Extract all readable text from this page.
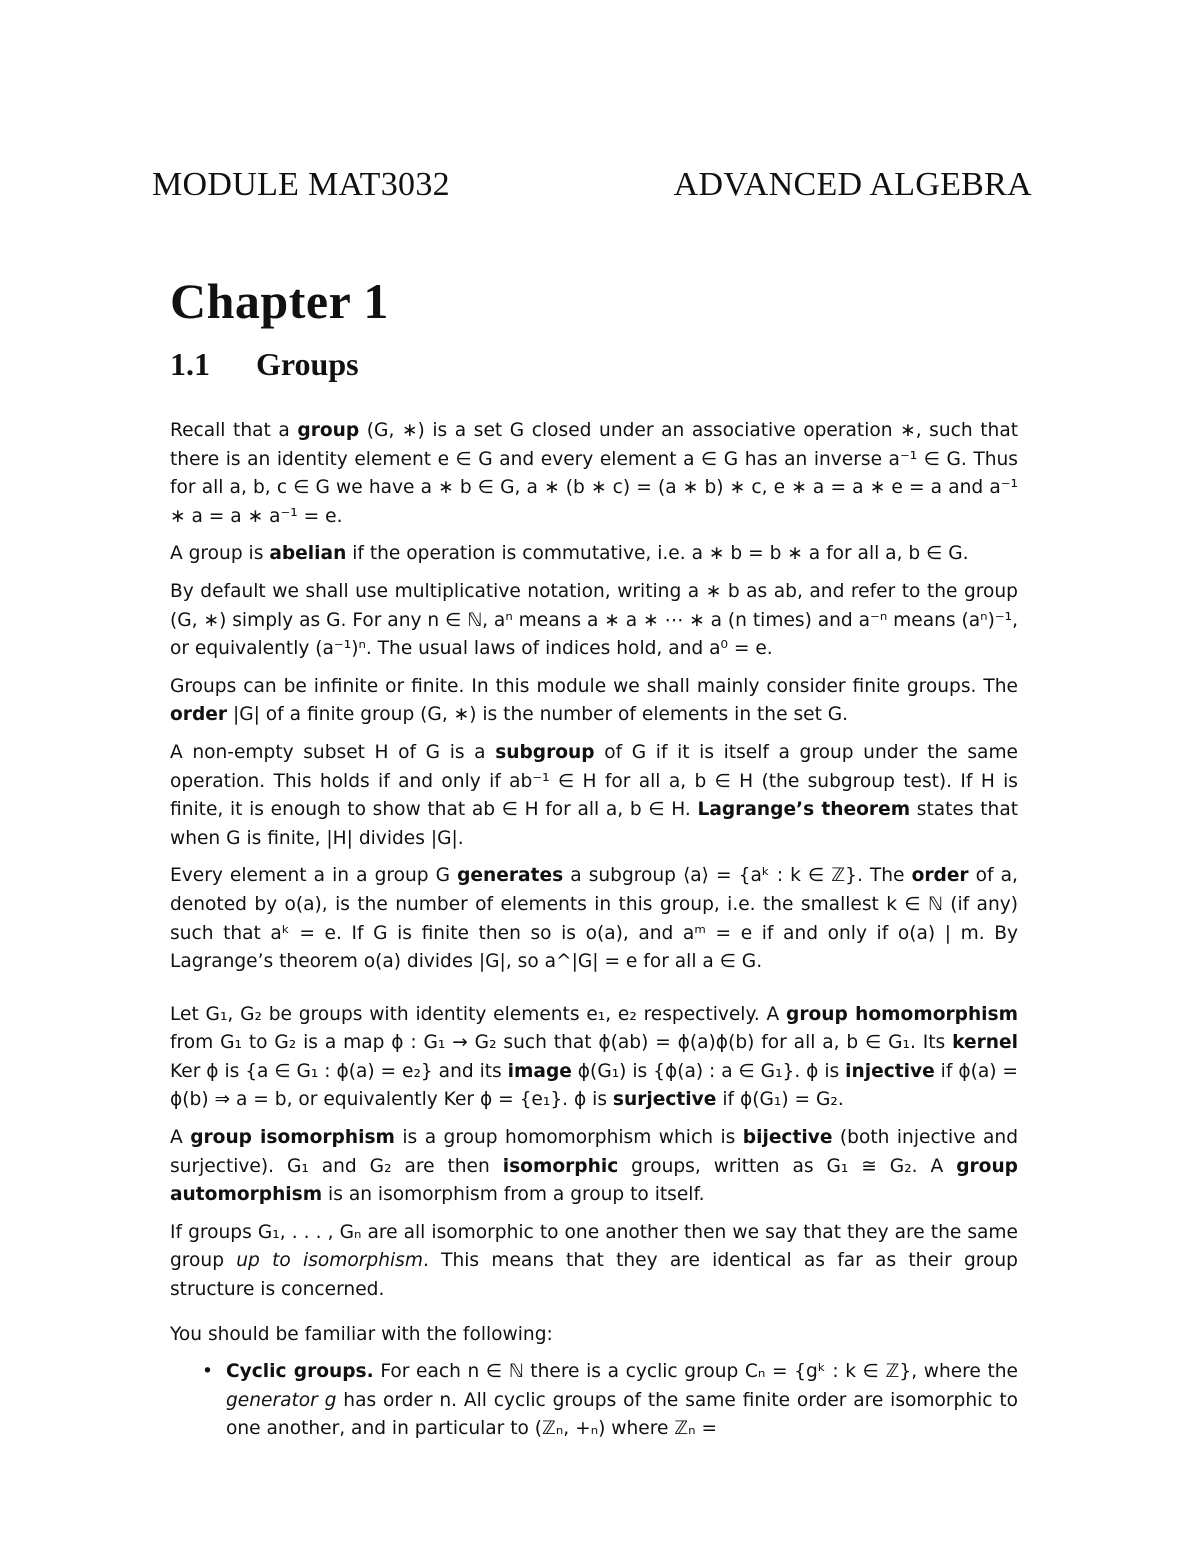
MODULE MAT3032	ADVANCED ALGEBRA
Chapter 1
1.1 Groups

Recall that a group (G, ∗) is a set G closed under an associative operation ∗, such that there is an identity element e ∈ G and every element a ∈ G has an inverse a⁻¹ ∈ G. Thus for all a, b, c ∈ G we have a ∗ b ∈ G, a ∗ (b ∗ c) = (a ∗ b) ∗ c, e ∗ a = a ∗ e = a and a⁻¹ ∗ a = a ∗ a⁻¹ = e.

A group is abelian if the operation is commutative, i.e. a ∗ b = b ∗ a for all a, b ∈ G.

By default we shall use multiplicative notation, writing a ∗ b as ab, and refer to the group (G, ∗) simply as G. For any n ∈ ℕ, aⁿ means a ∗ a ∗ ⋯ ∗ a (n times) and a⁻ⁿ means (aⁿ)⁻¹, or equivalently (a⁻¹)ⁿ. The usual laws of indices hold, and a⁰ = e.

Groups can be infinite or finite. In this module we shall mainly consider finite groups. The order |G| of a finite group (G, ∗) is the number of elements in the set G.

A non-empty subset H of G is a subgroup of G if it is itself a group under the same operation. This holds if and only if ab⁻¹ ∈ H for all a, b ∈ H (the subgroup test). If H is finite, it is enough to show that ab ∈ H for all a, b ∈ H. Lagrange’s theorem states that when G is finite, |H| divides |G|.

Every element a in a group G generates a subgroup ⟨a⟩ = {aᵏ : k ∈ ℤ}. The order of a, denoted by o(a), is the number of elements in this group, i.e. the smallest k ∈ ℕ (if any) such that aᵏ = e. If G is finite then so is o(a), and aᵐ = e if and only if o(a) | m. By Lagrange’s theorem o(a) divides |G|, so a^|G| = e for all a ∈ G.

Let G₁, G₂ be groups with identity elements e₁, e₂ respectively. A group homomorphism from G₁ to G₂ is a map ϕ : G₁ → G₂ such that ϕ(ab) = ϕ(a)ϕ(b) for all a, b ∈ G₁. Its kernel Ker ϕ is {a ∈ G₁ : ϕ(a) = e₂} and its image ϕ(G₁) is {ϕ(a) : a ∈ G₁}. ϕ is injective if ϕ(a) = ϕ(b) ⇒ a = b, or equivalently Ker ϕ = {e₁}. ϕ is surjective if ϕ(G₁) = G₂.

A group isomorphism is a group homomorphism which is bijective (both injective and surjective). G₁ and G₂ are then isomorphic groups, written as G₁ ≅ G₂. A group automorphism is an isomorphism from a group to itself.

If groups G₁, . . . , Gₙ are all isomorphic to one another then we say that they are the same group up to isomorphism. This means that they are identical as far as their group structure is concerned.

You should be familiar with the following:

• Cyclic groups. For each n ∈ ℕ there is a cyclic group Cₙ = {gᵏ : k ∈ ℤ}, where the generator g has order n. All cyclic groups of the same finite order are isomorphic to one another, and in particular to (ℤₙ, +ₙ) where ℤₙ =
